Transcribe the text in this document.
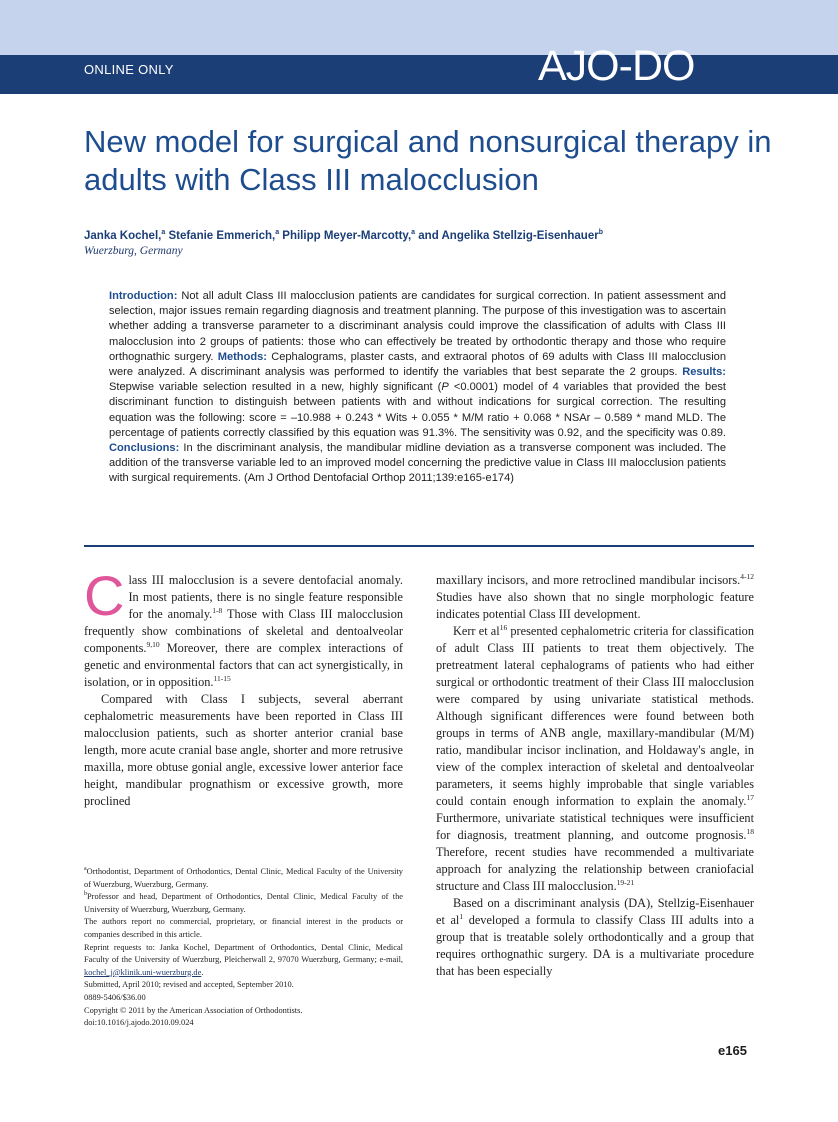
ONLINE ONLY	AJO-DO
New model for surgical and nonsurgical therapy in adults with Class III malocclusion
Janka Kochel,$^a$ Stefanie Emmerich,$^a$ Philipp Meyer-Marcotty,$^a$ and Angelika Stellzig-Eisenhauer$^b$
Wuerzburg, Germany

Introduction: Not all adult Class III malocclusion patients are candidates for surgical correction. In patient assessment and selection, major issues remain regarding diagnosis and treatment planning. The purpose of this investigation was to ascertain whether adding a transverse parameter to a discriminant analysis could improve the classification of adults with Class III malocclusion into 2 groups of patients: those who can effectively be treated by orthodontic therapy and those who require orthognathic surgery. Methods: Cephalograms, plaster casts, and extraoral photos of 69 adults with Class III malocclusion were analyzed. A discriminant analysis was performed to identify the variables that best separate the 2 groups. Results: Stepwise variable selection resulted in a new, highly significant (P <0.0001) model of 4 variables that provided the best discriminant function to distinguish between patients with and without indications for surgical correction. The resulting equation was the following: score = –10.988 + 0.243 * Wits + 0.055 * M/M ratio + 0.068 * NSAr – 0.589 * mand MLD. The percentage of patients correctly classified by this equation was 91.3%. The sensitivity was 0.92, and the specificity was 0.89. Conclusions: In the discriminant analysis, the mandibular midline deviation as a transverse component was included. The addition of the transverse variable led to an improved model concerning the predictive value in Class III malocclusion patients with surgical requirements. (Am J Orthod Dentofacial Orthop 2011;139:e165-e174)

Class III malocclusion is a severe dentofacial anomaly. In most patients, there is no single feature responsible for the anomaly.$^{1-8}$ Those with Class III malocclusion frequently show combinations of skeletal and dentoalveolar components.$^{9,10}$ Moreover, there are complex interactions of genetic and environmental factors that can act synergistically, in isolation, or in opposition.$^{11-15}$

Compared with Class I subjects, several aberrant cephalometric measurements have been reported in Class III malocclusion patients, such as shorter anterior cranial base length, more acute cranial base angle, shorter and more retrusive maxilla, more obtuse gonial angle, excessive lower anterior face height, mandibular prognathism or excessive growth, more proclined

$^a$Orthodontist, Department of Orthodontics, Dental Clinic, Medical Faculty of the University of Wuerzburg, Wuerzburg, Germany.

$^b$Professor and head, Department of Orthodontics, Dental Clinic, Medical Faculty of the University of Wuerzburg, Wuerzburg, Germany.

The authors report no commercial, proprietary, or financial interest in the products or companies described in this article.

Reprint requests to: Janka Kochel, Department of Orthodontics, Dental Clinic, Medical Faculty of the University of Wuerzburg, Pleicherwall 2, 97070 Wuerzburg, Germany; e-mail, kochel_j@klinik.uni-wuerzburg.de.

Submitted, April 2010; revised and accepted, September 2010.

0889-5406/$36.00

Copyright © 2011 by the American Association of Orthodontists.

doi:10.1016/j.ajodo.2010.09.024

maxillary incisors, and more retroclined mandibular incisors.$^{4-12}$ Studies have also shown that no single morphologic feature indicates potential Class III development.

Kerr et $al^{16}$ presented cephalometric criteria for classification of adult Class III patients to treat them objectively. The pretreatment lateral cephalograms of patients who had either surgical or orthodontic treatment of their Class III malocclusion were compared by using univariate statistical methods. Although significant differences were found between both groups in terms of ANB angle, maxillary-mandibular (M/M) ratio, mandibular incisor inclination, and Holdaway's angle, in view of the complex interaction of skeletal and dentoalveolar parameters, it seems highly improbable that single variables could contain enough information to explain the anomaly.$^{17}$ Furthermore, univariate statistical techniques were insufficient for diagnosis, treatment planning, and outcome prognosis.$^{18}$ Therefore, recent studies have recommended a multivariate approach for analyzing the relationship between craniofacial structure and Class III malocclusion.$^{19-21}$

Based on a discriminant analysis (DA), Stellzig-Eisenhauer et $al^1$ developed a formula to classify Class III adults into a group that is treatable solely orthodontically and a group that requires orthognathic surgery. DA is a multivariate procedure that has been especially

e165
